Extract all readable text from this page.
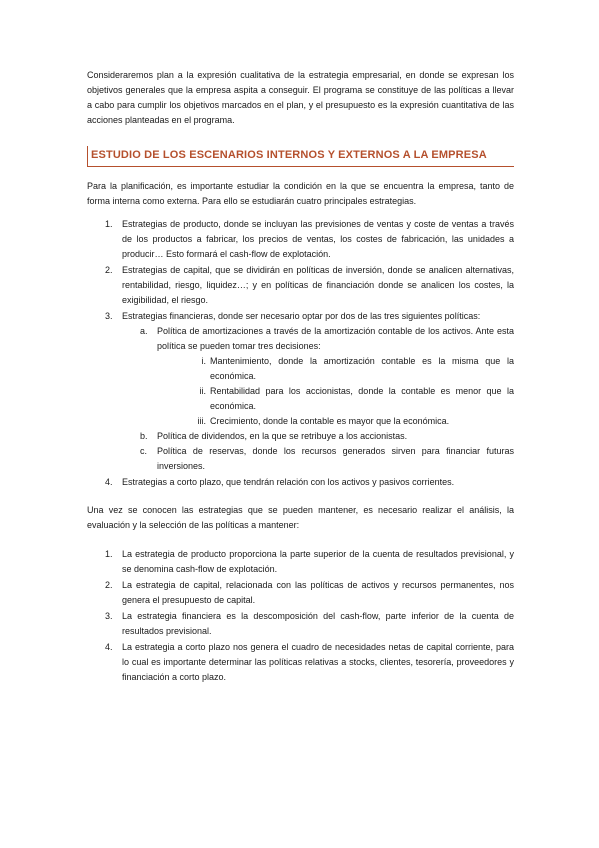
Consideraremos plan a la expresión cualitativa de la estrategia empresarial, en donde se expresan los objetivos generales que la empresa aspita a conseguir. El programa se constituye de las políticas a llevar a cabo para cumplir los objetivos marcados en el plan, y el presupuesto es la expresión cuantitativa de las acciones planteadas en el programa.

ESTUDIO DE LOS ESCENARIOS INTERNOS Y EXTERNOS A LA EMPRESA

Para la planificación, es importante estudiar la condición en la que se encuentra la empresa, tanto de forma interna como externa. Para ello se estudiarán cuatro principales estrategias.

1. Estrategias de producto, donde se incluyan las previsiones de ventas y coste de ventas a través de los productos a fabricar, los precios de ventas, los costes de fabricación, las unidades a producir… Esto formará el cash-flow de explotación.
2. Estrategias de capital, que se dividirán en políticas de inversión, donde se analicen alternativas, rentabilidad, riesgo, liquidez…; y en políticas de financiación donde se analicen los costes, la exigibilidad, el riesgo.
3. Estrategias financieras, donde ser necesario optar por dos de las tres siguientes políticas:
a. Política de amortizaciones a través de la amortización contable de los activos. Ante esta política se pueden tomar tres decisiones:
i. Mantenimiento, donde la amortización contable es la misma que la económica.
ii. Rentabilidad para los accionistas, donde la contable es menor que la económica.
iii. Crecimiento, donde la contable es mayor que la económica.
b. Política de dividendos, en la que se retribuye a los accionistas.
c. Política de reservas, donde los recursos generados sirven para financiar futuras inversiones.
4. Estrategias a corto plazo, que tendrán relación con los activos y pasivos corrientes.

Una vez se conocen las estrategias que se pueden mantener, es necesario realizar el análisis, la evaluación y la selección de las políticas a mantener:

1. La estrategia de producto proporciona la parte superior de la cuenta de resultados previsional, y se denomina cash-flow de explotación.
2. La estrategia de capital, relacionada con las políticas de activos y recursos permanentes, nos genera el presupuesto de capital.
3. La estrategia financiera es la descomposición del cash-flow, parte inferior de la cuenta de resultados previsional.
4. La estrategia a corto plazo nos genera el cuadro de necesidades netas de capital corriente, para lo cual es importante determinar las políticas relativas a stocks, clientes, tesorería, proveedores y financiación a corto plazo.
